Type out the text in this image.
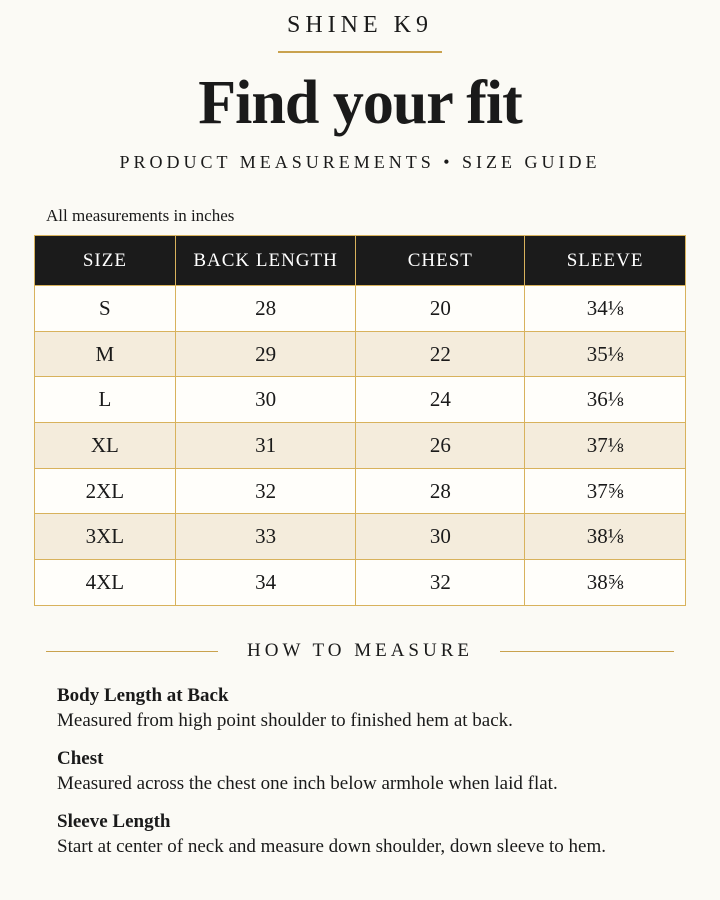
SHINE K9
Find your fit
PRODUCT MEASUREMENTS • SIZE GUIDE
All measurements in inches
SIZE	BACK LENGTH	CHEST	SLEEVE
S	28	20	34⅛
M	29	22	35⅛
L	30	24	36⅛
XL	31	26	37⅛
2XL	32	28	37⅝
3XL	33	30	38⅛
4XL	34	32	38⅝
HOW TO MEASURE
Body Length at Back
Measured from high point shoulder to finished hem at back.
Chest
Measured across the chest one inch below armhole when laid flat.
Sleeve Length
Start at center of neck and measure down shoulder, down sleeve to hem.
